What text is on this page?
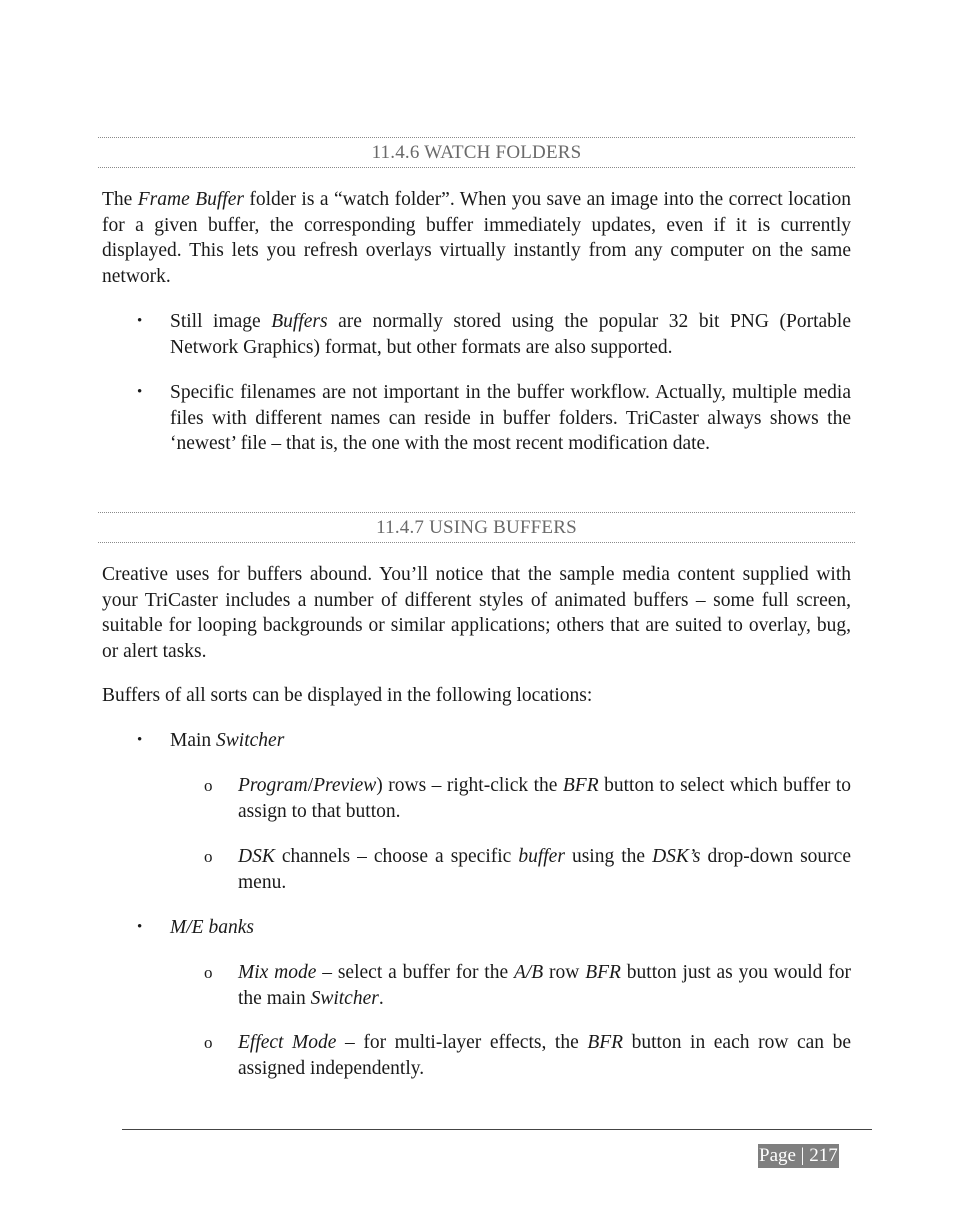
11.4.6 WATCH FOLDERS
The Frame Buffer folder is a “watch folder”. When you save an image into the correct location for a given buffer, the corresponding buffer immediately updates, even if it is currently displayed. This lets you refresh overlays virtually instantly from any computer on the same network.
•	Still image Buffers are normally stored using the popular 32 bit PNG (Portable Network Graphics) format, but other formats are also supported.
•	Specific filenames are not important in the buffer workflow. Actually, multiple media files with different names can reside in buffer folders. TriCaster always shows the ‘newest’ file – that is, the one with the most recent modification date.
11.4.7 USING BUFFERS
Creative uses for buffers abound. You’ll notice that the sample media content supplied with your TriCaster includes a number of different styles of animated buffers – some full screen, suitable for looping backgrounds or similar applications; others that are suited to overlay, bug, or alert tasks.
Buffers of all sorts can be displayed in the following locations:
•	Main Switcher
o Program/Preview) rows – right-click the BFR button to select which buffer to assign to that button.
o DSK channels – choose a specific buffer using the DSK’s drop-down source menu.
•	M/E banks
o Mix mode – select a buffer for the A/B row BFR button just as you would for the main Switcher.
o Effect Mode – for multi-layer effects, the BFR button in each row can be assigned independently.
Page | 217
